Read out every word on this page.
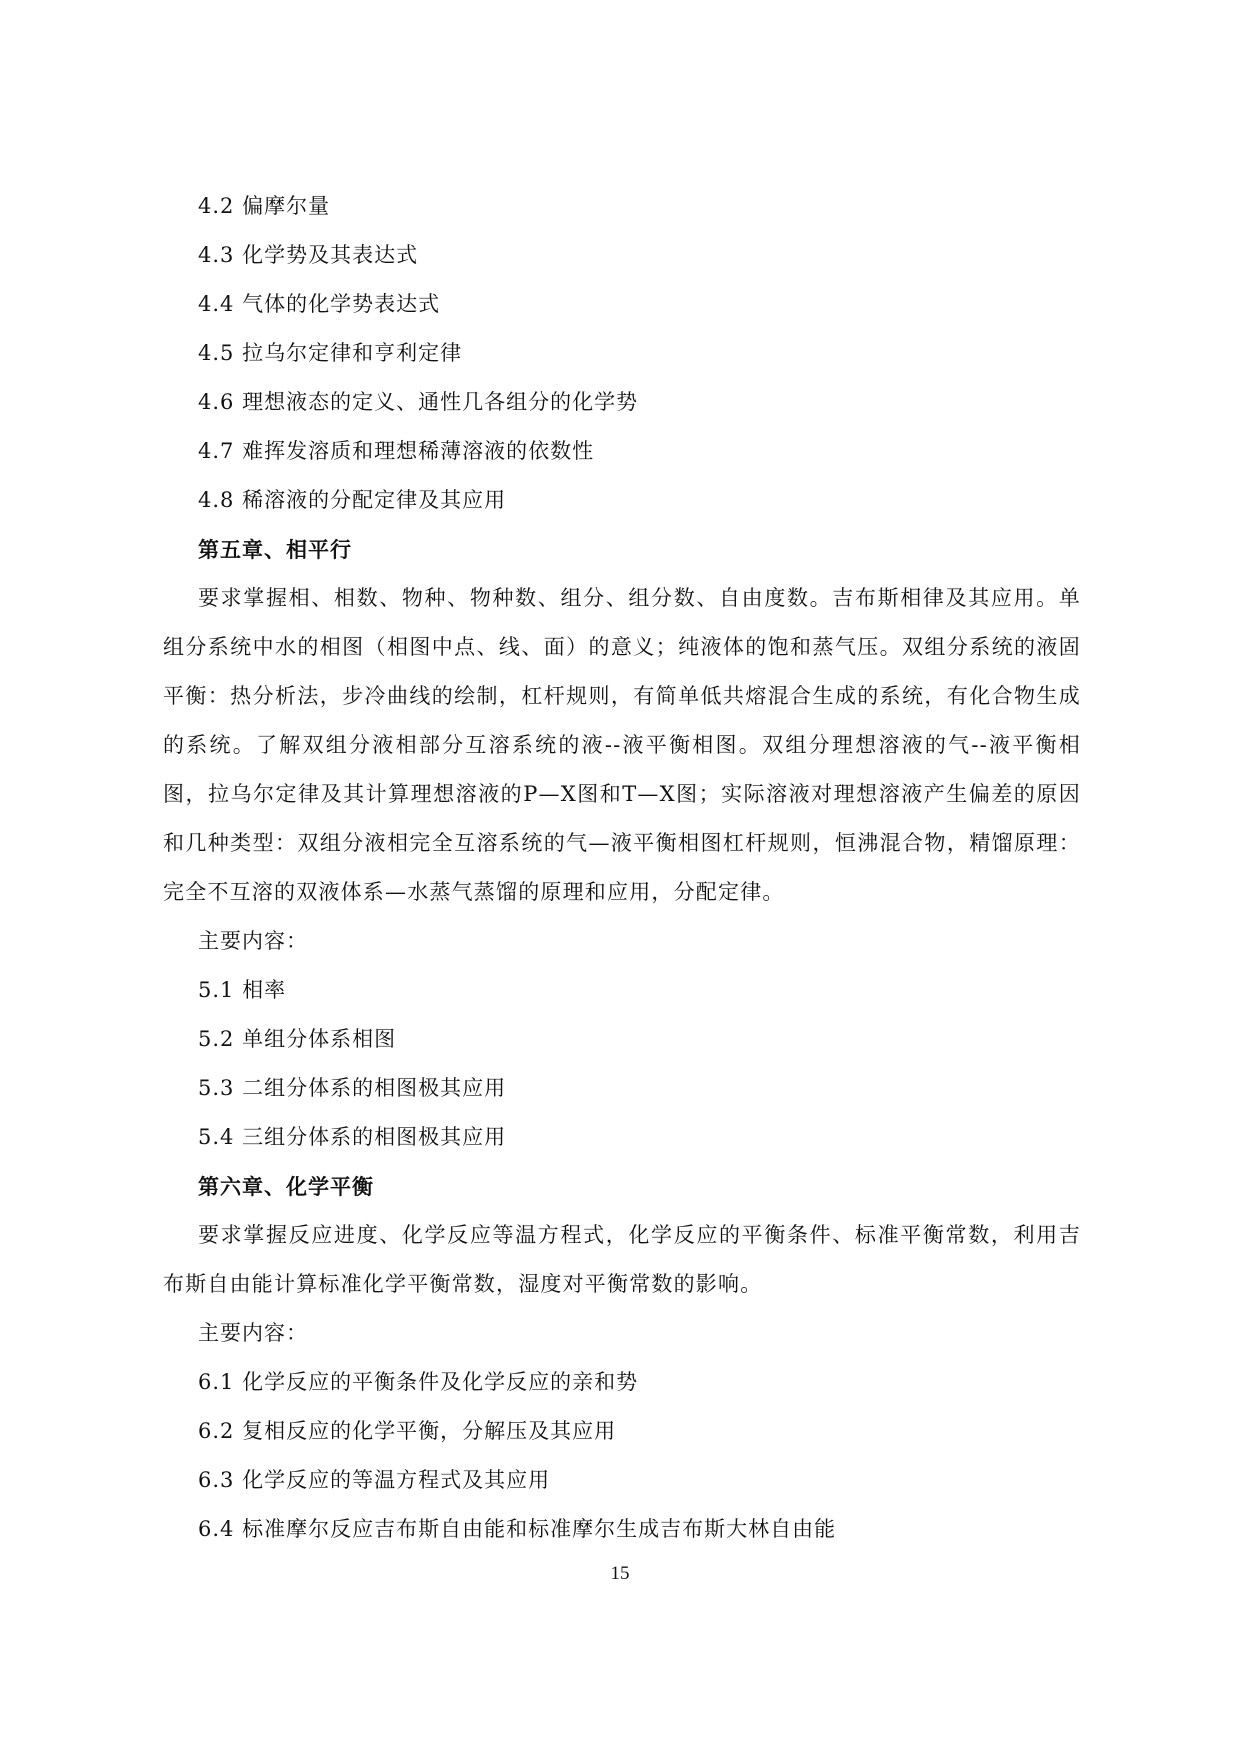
4.2 偏摩尔量
4.3 化学势及其表达式
4.4 气体的化学势表达式
4.5 拉乌尔定律和亨利定律
4.6 理想液态的定义、通性几各组分的化学势
4.7 难挥发溶质和理想稀薄溶液的依数性
4.8 稀溶液的分配定律及其应用
第五章、相平行

要求掌握相、相数、物种、物种数、组分、组分数、自由度数。吉布斯相律及其应用。单组分系统中水的相图（相图中点、线、面）的意义；纯液体的饱和蒸气压。双组分系统的液固平衡：热分析法，步冷曲线的绘制，杠杆规则，有简单低共熔混合生成的系统，有化合物生成的系统。了解双组分液相部分互溶系统的液--液平衡相图。双组分理想溶液的气--液平衡相图，拉乌尔定律及其计算理想溶液的P—X图和T—X图；实际溶液对理想溶液产生偏差的原因和几种类型：双组分液相完全互溶系统的气—液平衡相图杠杆规则，恒沸混合物，精馏原理：完全不互溶的双液体系—水蒸气蒸馏的原理和应用，分配定律。

主要内容：
5.1 相率
5.2 单组分体系相图
5.3 二组分体系的相图极其应用
5.4 三组分体系的相图极其应用
第六章、化学平衡

要求掌握反应进度、化学反应等温方程式，化学反应的平衡条件、标准平衡常数，利用吉布斯自由能计算标准化学平衡常数，湿度对平衡常数的影响。

主要内容：
6.1 化学反应的平衡条件及化学反应的亲和势
6.2 复相反应的化学平衡，分解压及其应用
6.3 化学反应的等温方程式及其应用
6.4 标准摩尔反应吉布斯自由能和标准摩尔生成吉布斯大林自由能
15
